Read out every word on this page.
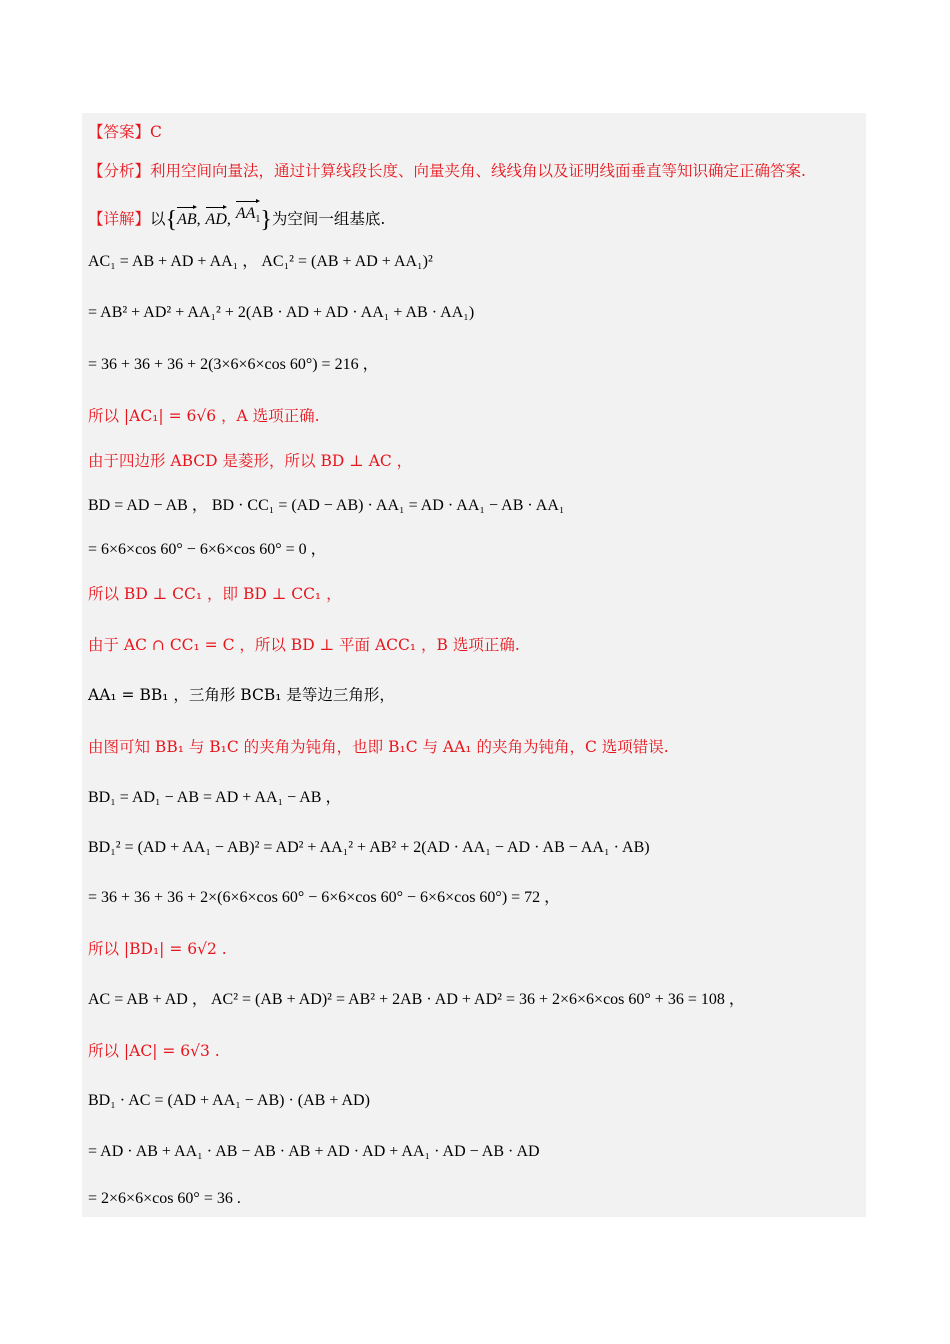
【答案】C
【分析】利用空间向量法，通过计算线段长度、向量夹角、线线角以及证明线面垂直等知识确定正确答案.
【详解】以{ AB , AD , $AA_1$ }为空间一组基底.
AC₁ = AB + AD + AA₁ ， AC₁² = (AB + AD + AA₁)²
= AB² + AD² + AA₁² + 2(AB · AD + AD · AA₁ + AB · AA₁)
= 36 + 36 + 36 + 2(3×6×6×cos 60°) = 216 ，
所以 |AC₁| = 6√6 ，A 选项正确.
由于四边形 ABCD 是菱形，所以 BD ⊥ AC ，
BD = AD − AB ， BD · CC₁ = (AD − AB) · AA₁ = AD · AA₁ − AB · AA₁
= 6×6×cos 60° − 6×6×cos 60° = 0 ，
所以 BD ⊥ CC₁ ，即 BD ⊥ CC₁ ，
由于 AC ∩ CC₁ = C ，所以 BD ⊥ 平面 ACC₁ ，B 选项正确.
AA₁ = BB₁ ，三角形 BCB₁ 是等边三角形，
由图可知 BB₁ 与 B₁C 的夹角为钝角，也即 B₁C 与 AA₁ 的夹角为钝角，C 选项错误.
BD₁ = AD₁ − AB = AD + AA₁ − AB ，
BD₁² = (AD + AA₁ − AB)² = AD² + AA₁² + AB² + 2(AD · AA₁ − AD · AB − AA₁ · AB)
= 36 + 36 + 36 + 2×(6×6×cos 60° − 6×6×cos 60° − 6×6×cos 60°) = 72 ，
所以 |BD₁| = 6√2 .
AC = AB + AD ， AC² = (AB + AD)² = AB² + 2AB · AD + AD² = 36 + 2×6×6×cos 60° + 36 = 108 ，
所以 |AC| = 6√3 .
BD₁ · AC = (AD + AA₁ − AB) · (AB + AD)
= AD · AB + AA₁ · AB − AB · AB + AD · AD + AA₁ · AD − AB · AD
= 2×6×6×cos 60° = 36 .
